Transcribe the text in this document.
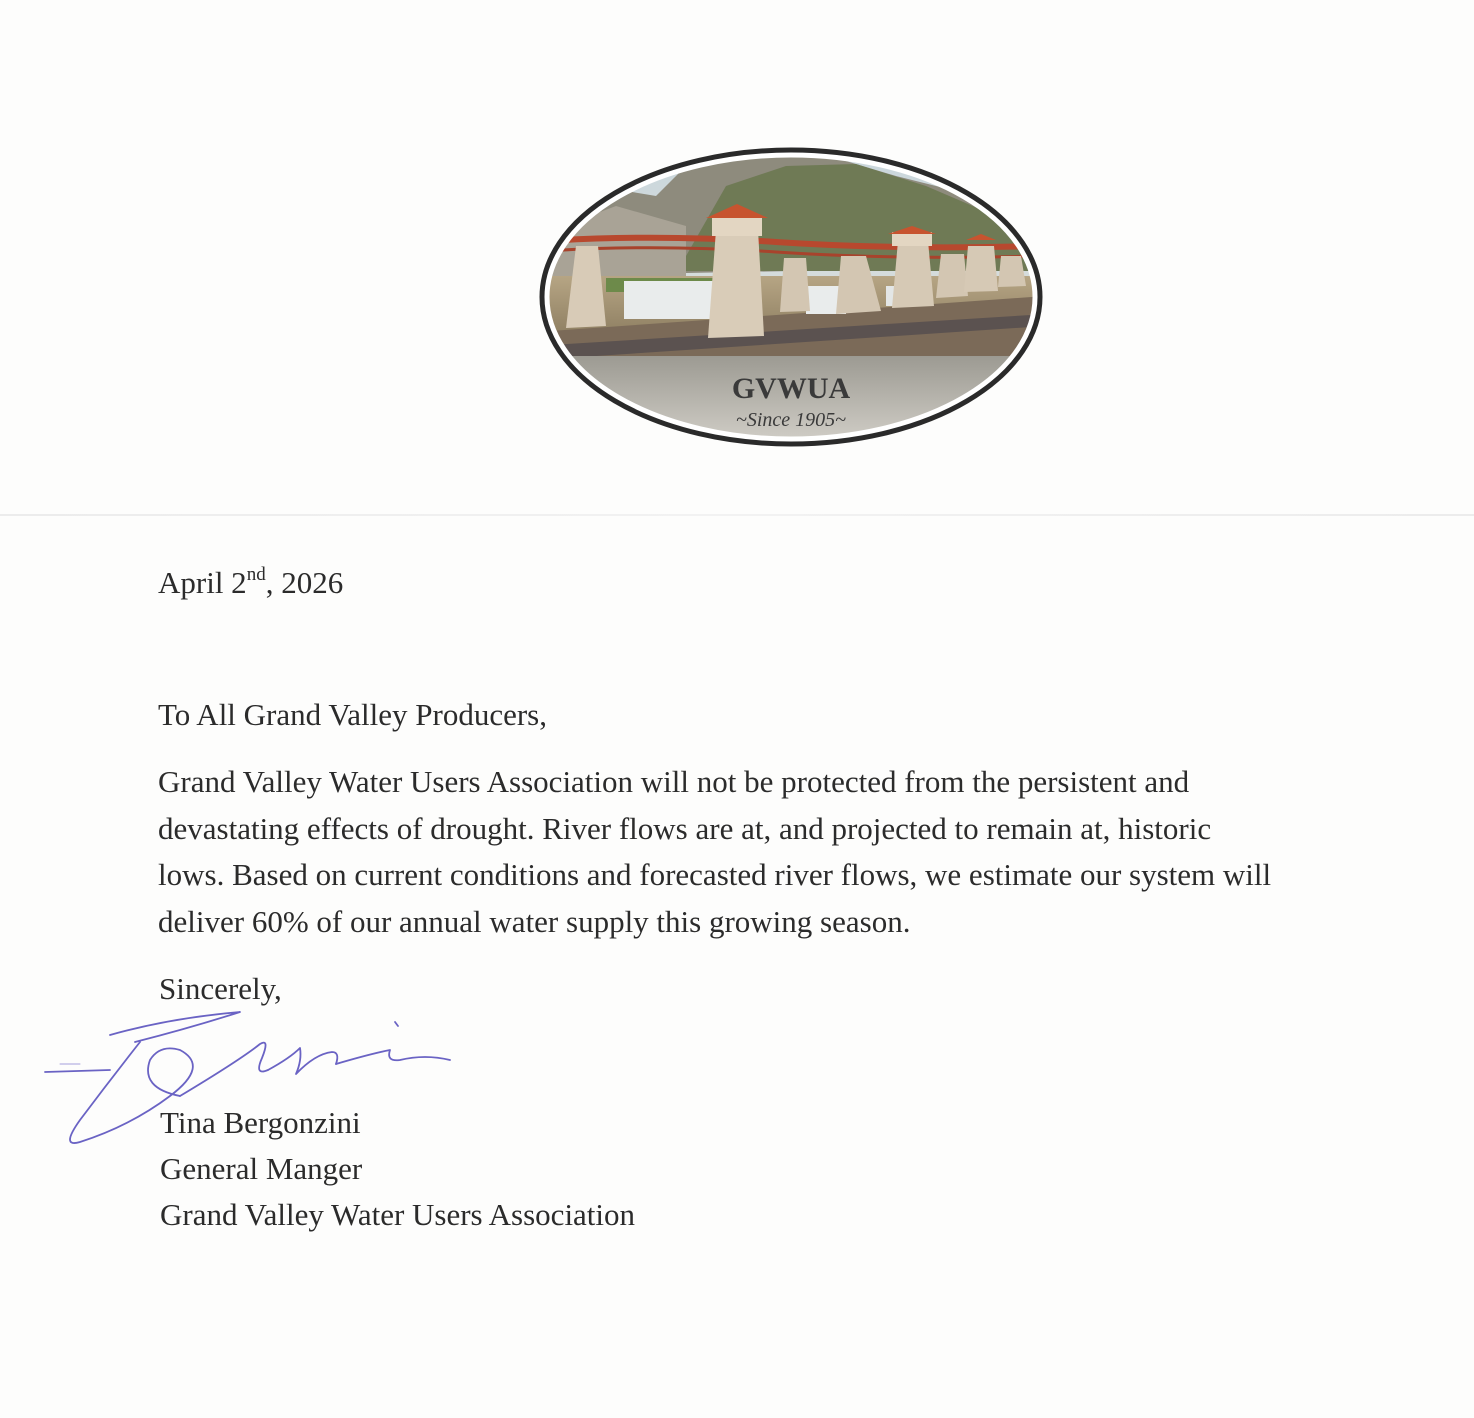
GVWUA
~Since 1905~
April 2nd, 2026
To All Grand Valley Producers,

Grand Valley Water Users Association will not be protected from the persistent and

devastating effects of drought. River flows are at, and projected to remain at, historic

lows. Based on current conditions and forecasted river flows, we estimate our system will

deliver 60% of our annual water supply this growing season.

Sincerely,
Tina Bergonzini
General Manger
Grand Valley Water Users Association
